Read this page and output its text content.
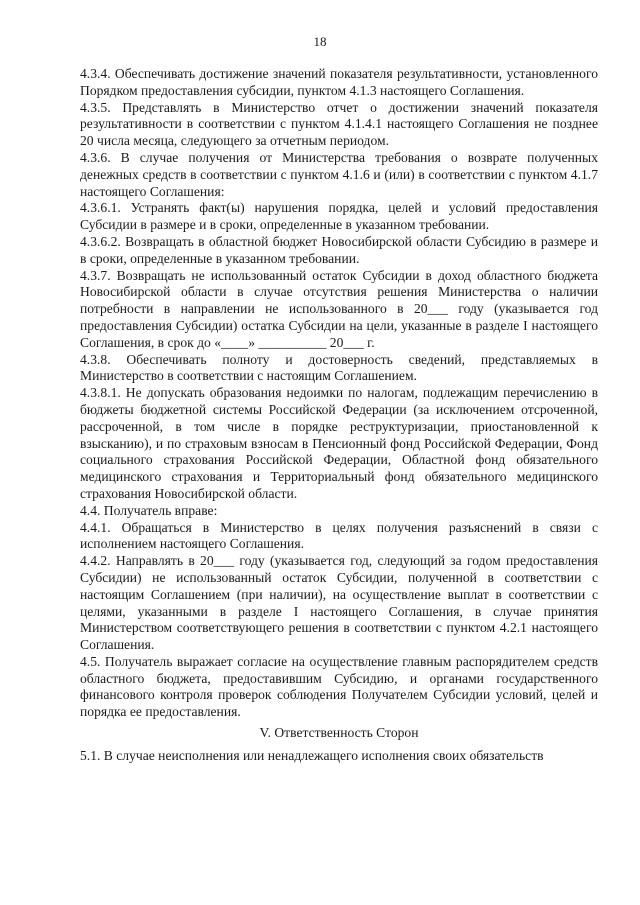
18

4.3.4. Обеспечивать достижение значений показателя результативности, установленного Порядком предоставления субсидии, пунктом 4.1.3 настоящего Соглашения.

4.3.5. Представлять в Министерство отчет о достижении значений показателя результативности в соответствии с пунктом 4.1.4.1 настоящего Соглашения не позднее 20 числа месяца, следующего за отчетным периодом.

4.3.6. В случае получения от Министерства требования о возврате полученных денежных средств в соответствии с пунктом 4.1.6 и (или) в соответствии с пунктом 4.1.7 настоящего Соглашения:

4.3.6.1. Устранять факт(ы) нарушения порядка, целей и условий предоставления Субсидии в размере и в сроки, определенные в указанном требовании.

4.3.6.2. Возвращать в областной бюджет Новосибирской области Субсидию в размере и в сроки, определенные в указанном требовании.

4.3.7. Возвращать не использованный остаток Субсидии в доход областного бюджета Новосибирской области в случае отсутствия решения Министерства о наличии потребности в направлении не использованного в 20___ году (указывается год предоставления Субсидии) остатка Субсидии на цели, указанные в разделе I настоящего Соглашения, в срок до «____» __________ 20___ г.

4.3.8. Обеспечивать полноту и достоверность сведений, представляемых в Министерство в соответствии с настоящим Соглашением.

4.3.8.1. Не допускать образования недоимки по налогам, подлежащим перечислению в бюджеты бюджетной системы Российской Федерации (за исключением отсроченной, рассроченной, в том числе в порядке реструктуризации, приостановленной к взысканию), и по страховым взносам в Пенсионный фонд Российской Федерации, Фонд социального страхования Российской Федерации, Областной фонд обязательного медицинского страхования и Территориальный фонд обязательного медицинского страхования Новосибирской области.

4.4. Получатель вправе:

4.4.1. Обращаться в Министерство в целях получения разъяснений в связи с исполнением настоящего Соглашения.

4.4.2. Направлять в 20___ году (указывается год, следующий за годом предоставления Субсидии) не использованный остаток Субсидии, полученной в соответствии с настоящим Соглашением (при наличии), на осуществление выплат в соответствии с целями, указанными в разделе I настоящего Соглашения, в случае принятия Министерством соответствующего решения в соответствии с пунктом 4.2.1 настоящего Соглашения.

4.5. Получатель выражает согласие на осуществление главным распорядителем средств областного бюджета, предоставившим Субсидию, и органами государственного финансового контроля проверок соблюдения Получателем Субсидии условий, целей и порядка ее предоставления.

V. Ответственность Сторон

5.1. В случае неисполнения или ненадлежащего исполнения своих обязательств
